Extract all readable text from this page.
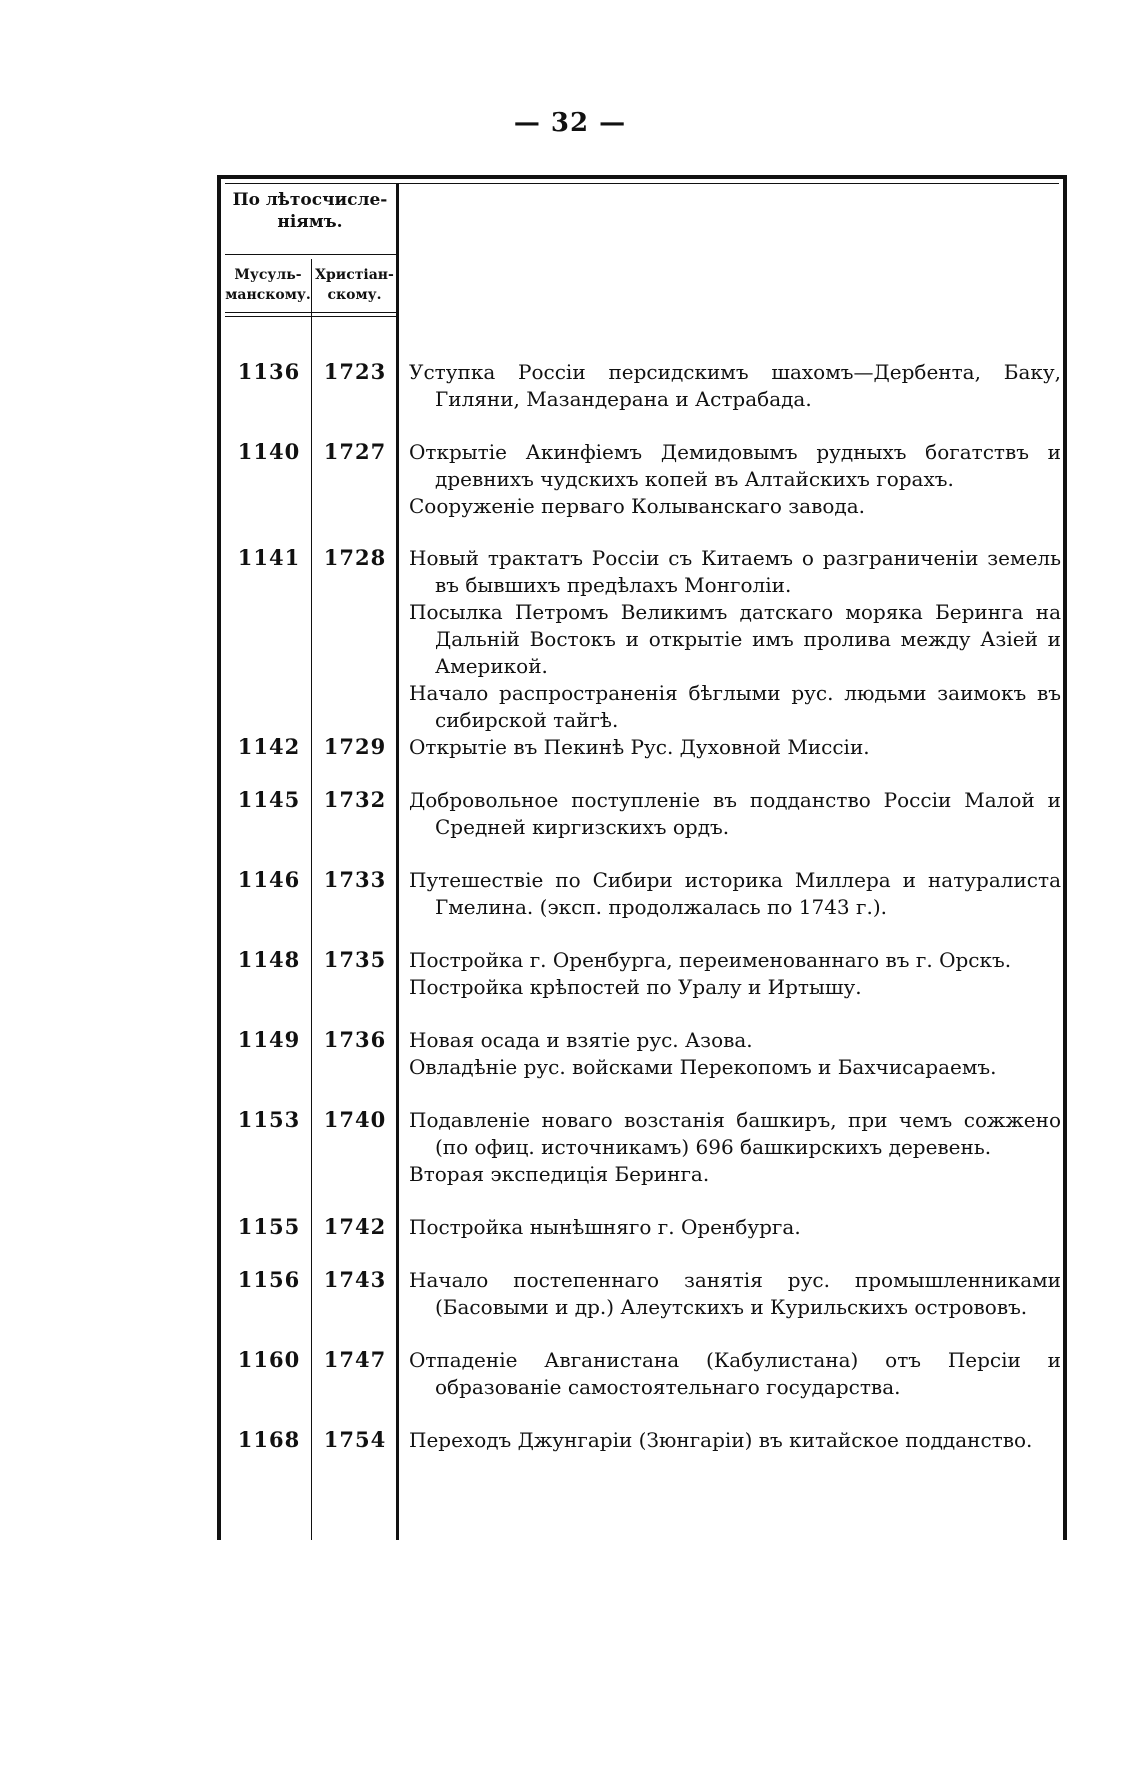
— 32 —
По лѣтосчисле-ніямъ.
Мусуль-манскому.
Христіан-скому.
1136	1723	Уступка Россіи персидскимъ шахомъ—Дербента, Баку, Гиляни, Мазандерана и Астрабада.

1140	1727	Открытіе Акинфіемъ Демидовымъ рудныхъ богатствъ и древнихъ чудскихъ копей въ Алтайскихъ горахъ.

Сооруженіе перваго Колыванскаго завода.

1141	1728	Новый трактатъ Россіи съ Китаемъ о разграниченіи земель въ бывшихъ предѣлахъ Монголіи.

Посылка Петромъ Великимъ датскаго моряка Беринга на Дальній Востокъ и открытіе имъ пролива между Азіей и Америкой.

Начало распространенія бѣглыми рус. людьми заимокъ въ сибирской тайгѣ.

1142	1729	Открытіе въ Пекинѣ Рус. Духовной Миссіи.

1145	1732	Добровольное поступленіе въ подданство Россіи Малой и Средней киргизскихъ ордъ.

1146	1733	Путешествіе по Сибири историка Миллера и натуралиста Гмелина. (эксп. продолжалась по 1743 г.).

1148	1735	Постройка г. Оренбурга, переименованнаго въ г. Орскъ.

Постройка крѣпостей по Уралу и Иртышу.

1149	1736	Новая осада и взятіе рус. Азова.

Овладѣніе рус. войсками Перекопомъ и Бахчисараемъ.

1153	1740	Подавленіе новаго возстанія башкиръ, при чемъ сожжено (по офиц. источникамъ) 696 башкирскихъ деревень.

Вторая экспедиція Беринга.

1155	1742	Постройка нынѣшняго г. Оренбурга.

1156	1743	Начало постепеннаго занятія рус. промышленниками (Басовыми и др.) Алеутскихъ и Курильскихъ острововъ.

1160	1747	Отпаденіе Авганистана (Кабулистана) отъ Персіи и образованіе самостоятельнаго государства.

1168	1754	Переходъ Джунгаріи (Зюнгаріи) въ китайское подданство.
